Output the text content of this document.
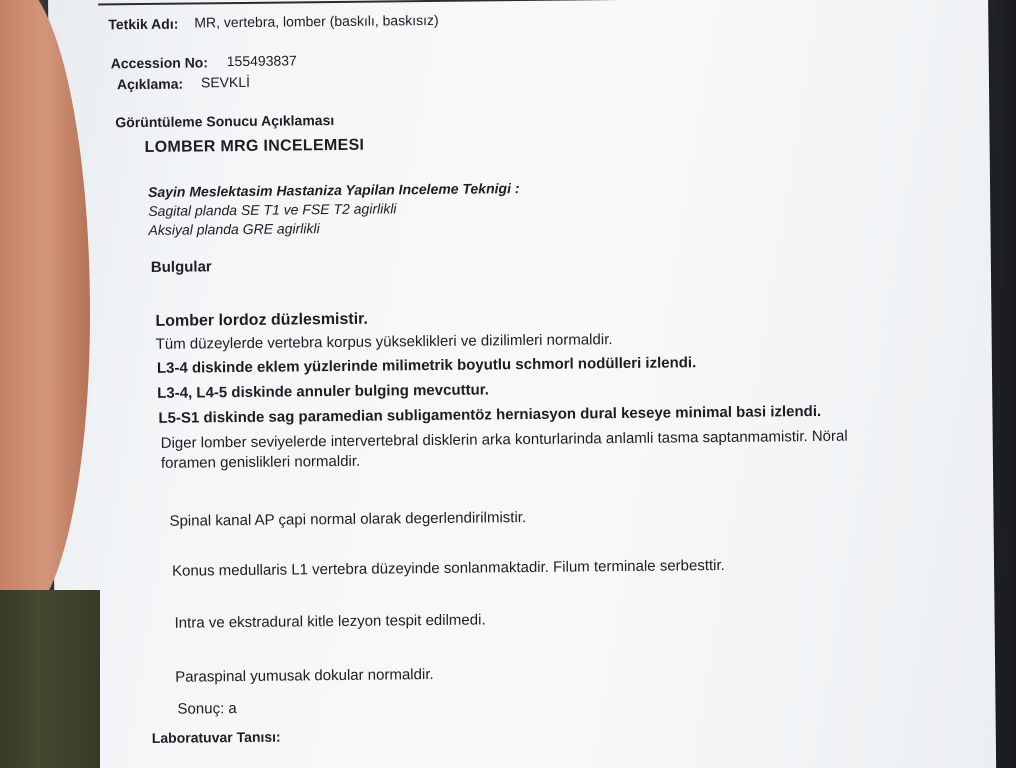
Tetkik Adı: MR, vertebra, lomber (baskılı, baskısız)
Accession No: 155493837
Açıklama: SEVKLİ
Görüntüleme Sonucu Açıklaması
LOMBER MRG INCELEMESI
Sayin Meslektasim Hastaniza Yapilan Inceleme Teknigi :
Sagital planda SE T1 ve FSE T2 agirlikli
Aksiyal planda GRE agirlikli
Bulgular
Lomber lordoz düzlesmistir.
Tüm düzeylerde vertebra korpus yükseklikleri ve dizilimleri normaldir.
L3-4 diskinde eklem yüzlerinde milimetrik boyutlu schmorl nodülleri izlendi.
L3-4, L4-5 diskinde annuler bulging mevcuttur.
L5-S1 diskinde sag paramedian subligamentöz herniasyon dural keseye minimal basi izlendi.
Diger lomber seviyelerde intervertebral disklerin arka konturlarinda anlamli tasma saptanmamistir. Nöral
foramen genislikleri normaldir.
Spinal kanal AP çapi normal olarak degerlendirilmistir.
Konus medullaris L1 vertebra düzeyinde sonlanmaktadir. Filum terminale serbesttir.
Intra ve ekstradural kitle lezyon tespit edilmedi.
Paraspinal yumusak dokular normaldir.
Sonuç: a
Laboratuvar Tanısı:
